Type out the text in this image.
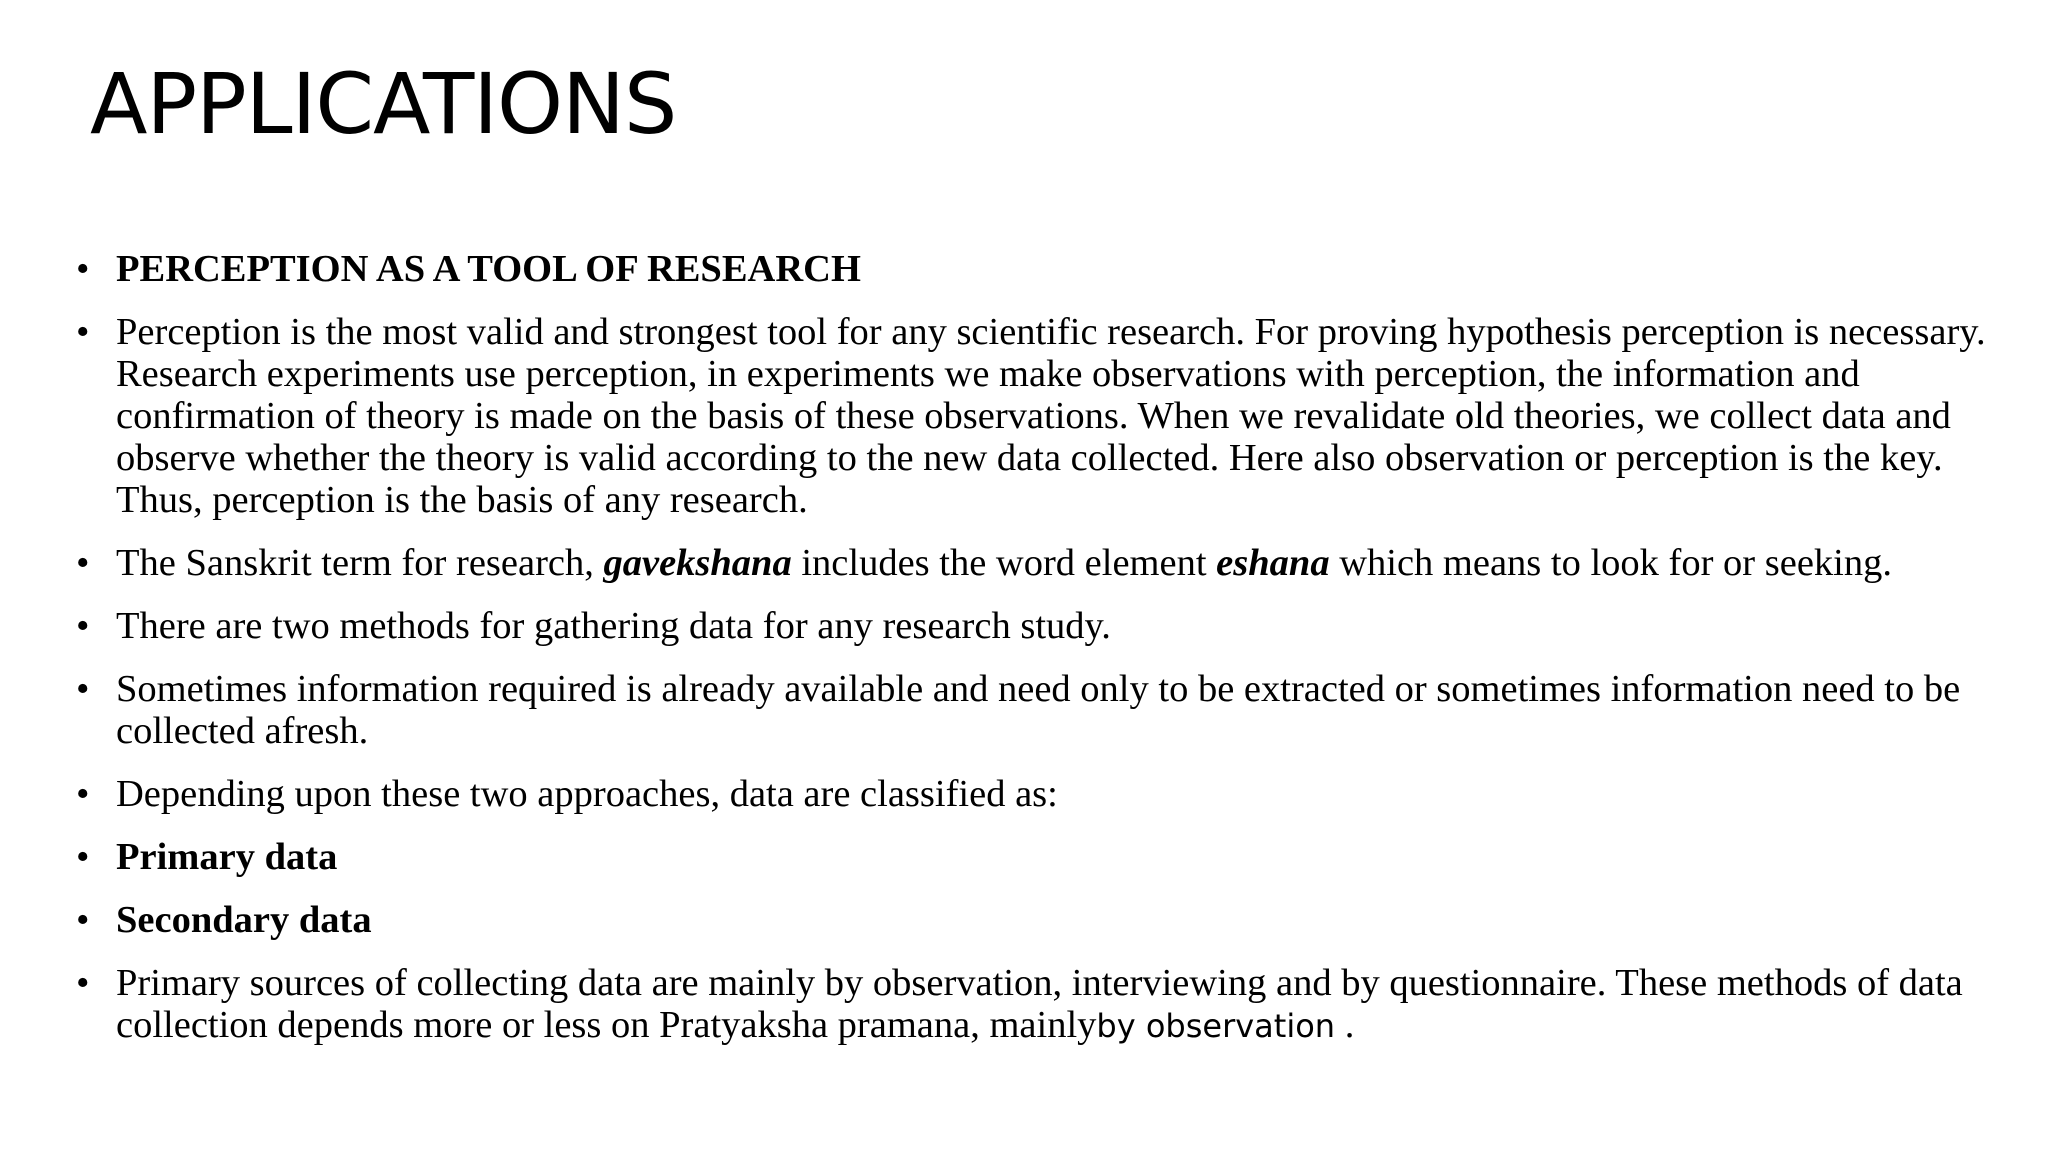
APPLICATIONS
• PERCEPTION AS A TOOL OF RESEARCH
• Perception is the most valid and strongest tool for any scientific research. For proving hypothesis perception is necessary. Research experiments use perception, in experiments we make observations with perception, the information and confirmation of theory is made on the basis of these observations. When we revalidate old theories, we collect data and observe whether the theory is valid according to the new data collected. Here also observation or perception is the key. Thus, perception is the basis of any research.
• The Sanskrit term for research, gavekshana includes the word element eshana which means to look for or seeking.
• There are two methods for gathering data for any research study.
• Sometimes information required is already available and need only to be extracted or sometimes information need to be collected afresh.
• Depending upon these two approaches, data are classified as:
• Primary data
• Secondary data
• Primary sources of collecting data are mainly by observation, interviewing and by questionnaire. These methods of data collection depends more or less on Pratyaksha pramana, mainlyby observation .
